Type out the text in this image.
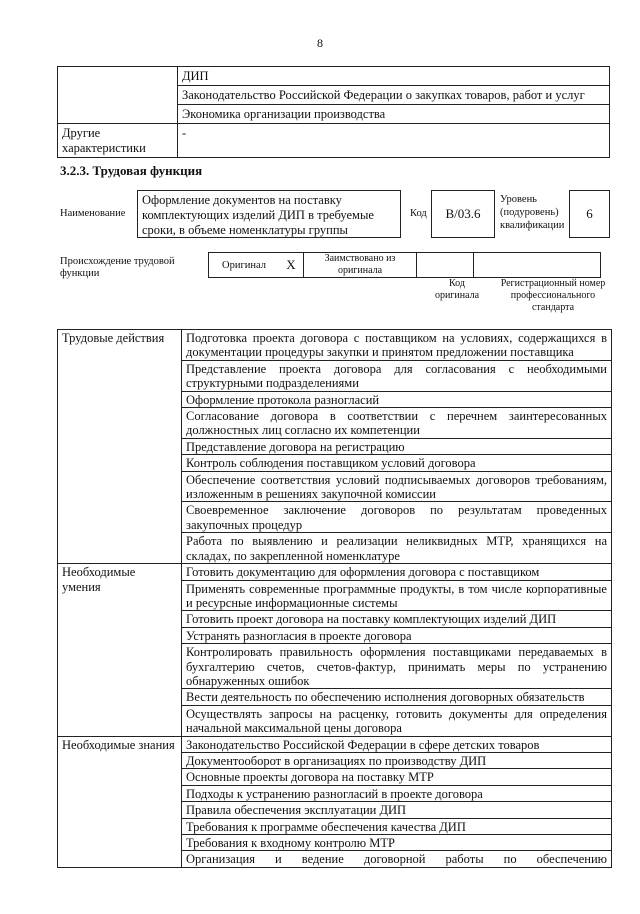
8
	ДИП
	Законодательство Российской Федерации о закупках товаров, работ и услуг
	Экономика организации производства
Другие характеристики	-
3.2.3. Трудовая функция
Наименование
Оформление документов на поставку комплектующих изделий ДИП в требуемые сроки, в объеме номенклатуры группы
Код	B/03.6
Уровень (подуровень) квалификации
6
Происхождение трудовой функции
Оригинал	X	Заимствовано из оригинала		
Код оригинала
Регистрационный номер профессионального стандарта
Трудовые действия	Подготовка проекта договора с поставщиком на условиях, содержащихся в документации процедуры закупки и принятом предложении поставщика
	Представление проекта договора для согласования с необходимыми структурными подразделениями
	Оформление протокола разногласий
	Согласование договора в соответствии с перечнем заинтересованных должностных лиц согласно их компетенции
	Представление договора на регистрацию
	Контроль соблюдения поставщиком условий договора
	Обеспечение соответствия условий подписываемых договоров требованиям, изложенным в решениях закупочной комиссии
	Своевременное заключение договоров по результатам проведенных закупочных процедур
	Работа по выявлению и реализации неликвидных МТР, хранящихся на складах, по закрепленной номенклатуре
Необходимые умения	Готовить документацию для оформления договора с поставщиком
	Применять современные программные продукты, в том числе корпоративные и ресурсные информационные системы
	Готовить проект договора на поставку комплектующих изделий ДИП
	Устранять разногласия в проекте договора
	Контролировать правильность оформления поставщиками передаваемых в бухгалтерию счетов, счетов-фактур, принимать меры по устранению обнаруженных ошибок
	Вести деятельность по обеспечению исполнения договорных обязательств
	Осуществлять запросы на расценку, готовить документы для определения начальной максимальной цены договора
Необходимые знания	Законодательство Российской Федерации в сфере детских товаров
	Документооборот в организациях по производству ДИП
	Основные проекты договора на поставку МТР
	Подходы к устранению разногласий в проекте договора
	Правила обеспечения эксплуатации ДИП
	Требования к программе обеспечения качества ДИП
	Требования к входному контролю МТР
	Организация и ведение договорной работы по обеспечению
